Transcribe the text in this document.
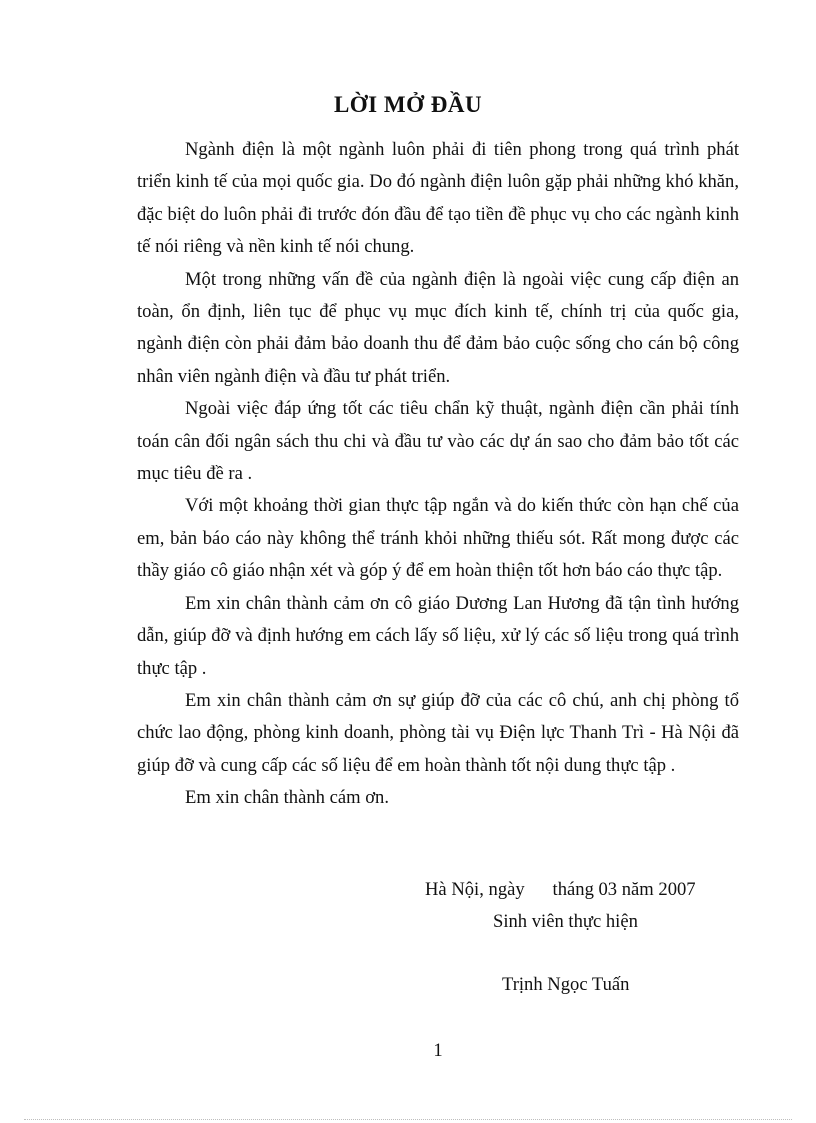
LỜI MỞ ĐẦU

Ngành điện là một ngành luôn phải đi tiên phong trong quá trình phát triển kinh tế của mọi quốc gia. Do đó ngành điện luôn gặp phải những khó khăn, đặc biệt do luôn phải đi trước đón đầu để tạo tiền đề phục vụ cho các ngành kinh tế nói riêng và nền kinh tế nói chung.

Một trong những vấn đề của ngành điện là ngoài việc cung cấp điện an toàn, ổn định, liên tục để phục vụ mục đích kinh tế, chính trị của quốc gia, ngành điện còn phải đảm bảo doanh thu để đảm bảo cuộc sống cho cán bộ công nhân viên ngành điện và đầu tư phát triển.

Ngoài việc đáp ứng tốt các tiêu chẩn kỹ thuật, ngành điện cần phải tính toán cân đối ngân sách thu chi và đầu tư vào các dự án sao cho đảm bảo tốt các mục tiêu đề ra .

Với một khoảng thời gian thực tập ngắn và do kiến thức còn hạn chế của em, bản báo cáo này không thể tránh khỏi những thiếu sót. Rất mong được các thầy giáo cô giáo nhận xét và góp ý để em hoàn thiện tốt hơn báo cáo thực tập.

Em xin chân thành cảm ơn cô giáo Dương Lan Hương đã tận tình hướng dẫn, giúp đỡ và định hướng em cách lấy số liệu, xử lý các số liệu trong quá trình thực tập .

Em xin chân thành cảm ơn sự giúp đỡ của các cô chú, anh chị phòng tổ chức lao động, phòng kinh doanh, phòng tài vụ Điện lực Thanh Trì - Hà Nội đã giúp đỡ và cung cấp các số liệu để em hoàn thành tốt nội dung thực tập .

Em xin chân thành cám ơn.

Hà Nội, ngày      tháng 03 năm 2007

Sinh viên thực hiện

Trịnh Ngọc Tuấn

1
